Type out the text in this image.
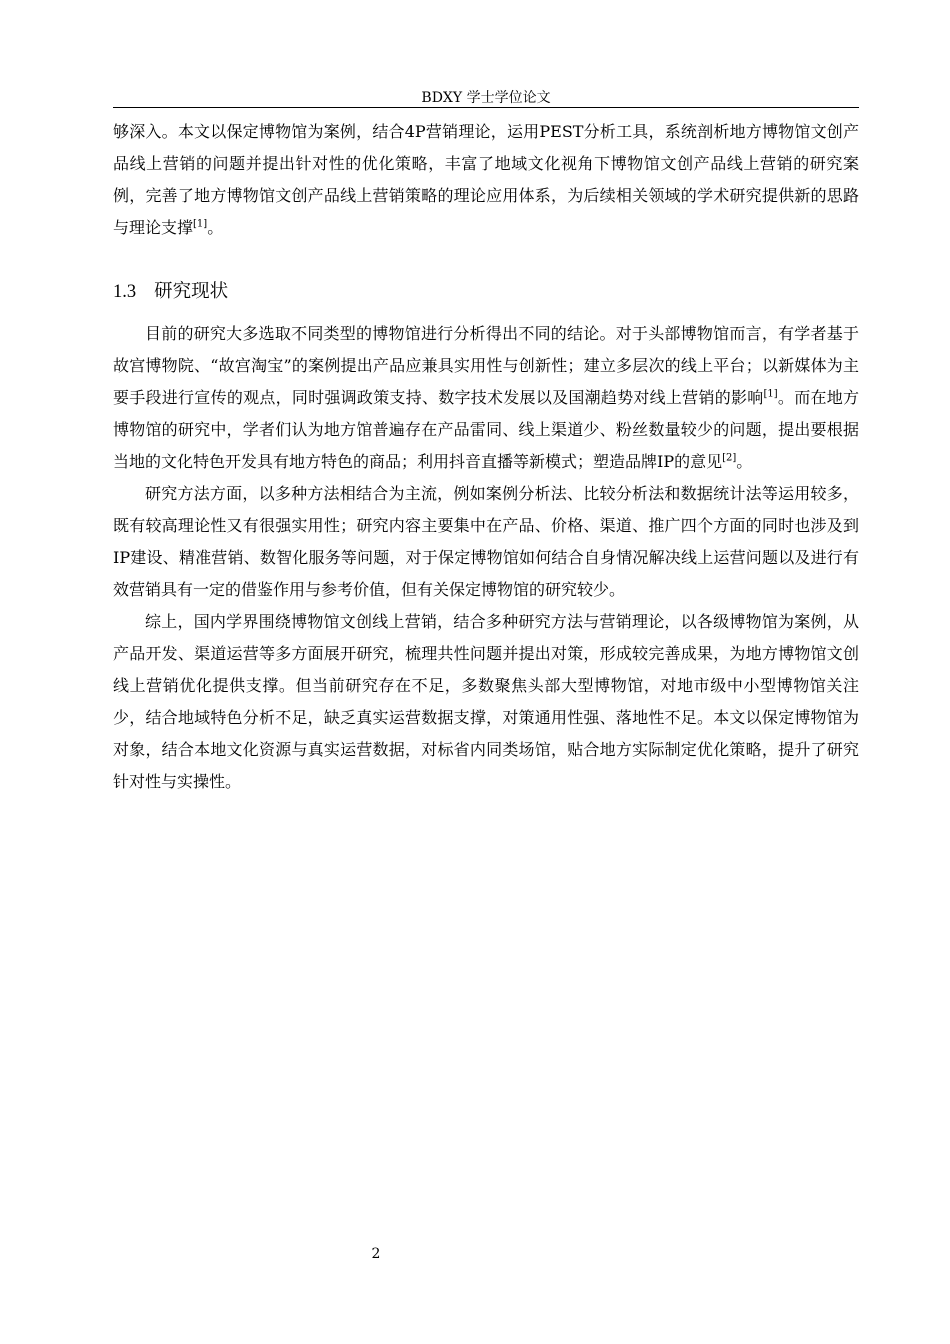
BDXY 学士学位论文

够深入。本文以保定博物馆为案例，结合4P营销理论，运用PEST分析工具，系统剖析地方博物馆文创产品线上营销的问题并提出针对性的优化策略，丰富了地域文化视角下博物馆文创产品线上营销的研究案例，完善了地方博物馆文创产品线上营销策略的理论应用体系，为后续相关领域的学术研究提供新的思路与理论支撑[1]。

1.3 研究现状

目前的研究大多选取不同类型的博物馆进行分析得出不同的结论。对于头部博物馆而言，有学者基于故宫博物院、“故宫淘宝”的案例提出产品应兼具实用性与创新性；建立多层次的线上平台；以新媒体为主要手段进行宣传的观点，同时强调政策支持、数字技术发展以及国潮趋势对线上营销的影响[1]。而在地方博物馆的研究中，学者们认为地方馆普遍存在产品雷同、线上渠道少、粉丝数量较少的问题，提出要根据当地的文化特色开发具有地方特色的商品；利用抖音直播等新模式；塑造品牌IP的意见[2]。

研究方法方面，以多种方法相结合为主流，例如案例分析法、比较分析法和数据统计法等运用较多，既有较高理论性又有很强实用性；研究内容主要集中在产品、价格、渠道、推广四个方面的同时也涉及到IP建设、精准营销、数智化服务等问题，对于保定博物馆如何结合自身情况解决线上运营问题以及进行有效营销具有一定的借鉴作用与参考价值，但有关保定博物馆的研究较少。

综上，国内学界围绕博物馆文创线上营销，结合多种研究方法与营销理论，以各级博物馆为案例，从产品开发、渠道运营等多方面展开研究，梳理共性问题并提出对策，形成较完善成果，为地方博物馆文创线上营销优化提供支撑。但当前研究存在不足，多数聚焦头部大型博物馆，对地市级中小型博物馆关注少，结合地域特色分析不足，缺乏真实运营数据支撑，对策通用性强、落地性不足。本文以保定博物馆为对象，结合本地文化资源与真实运营数据，对标省内同类场馆，贴合地方实际制定优化策略，提升了研究针对性与实操性。

2
